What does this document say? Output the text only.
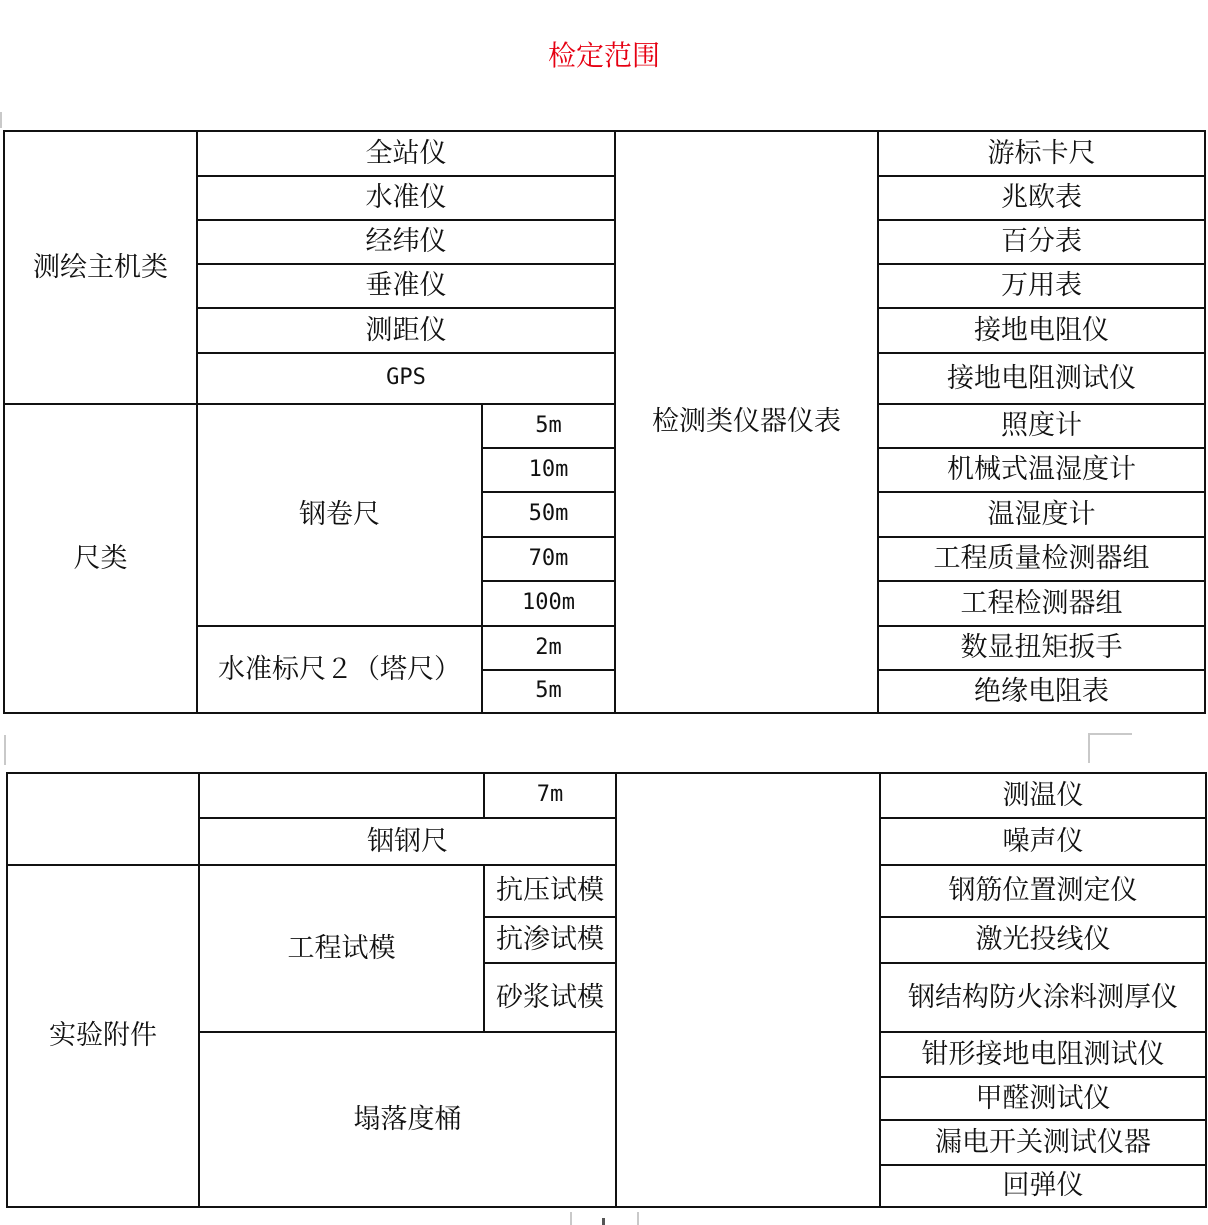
检定范围
测绘主机类	全站仪		检测类仪器仪表	游标卡尺
	水准仪			兆欧表
	经纬仪			百分表
	垂准仪			万用表
	测距仪			接地电阻仪
	GPS			接地电阻测试仪
尺类	钢卷尺	5m		照度计
		10m		机械式温湿度计
		50m		温湿度计
		70m		工程质量检测器组
		100m		工程检测器组
	水准标尺２（塔尺）	2m		数显扭矩扳手
		5m		绝缘电阻表
		7m		测温仪
	铟钢尺			噪声仪
实验附件	工程试模	抗压试模		钢筋位置测定仪
		抗渗试模		激光投线仪
		砂浆试模		钢结构防火涂料测厚仪
	塌落度桶			钳形接地电阻测试仪
				甲醛测试仪
				漏电开关测试仪器
				回弹仪
